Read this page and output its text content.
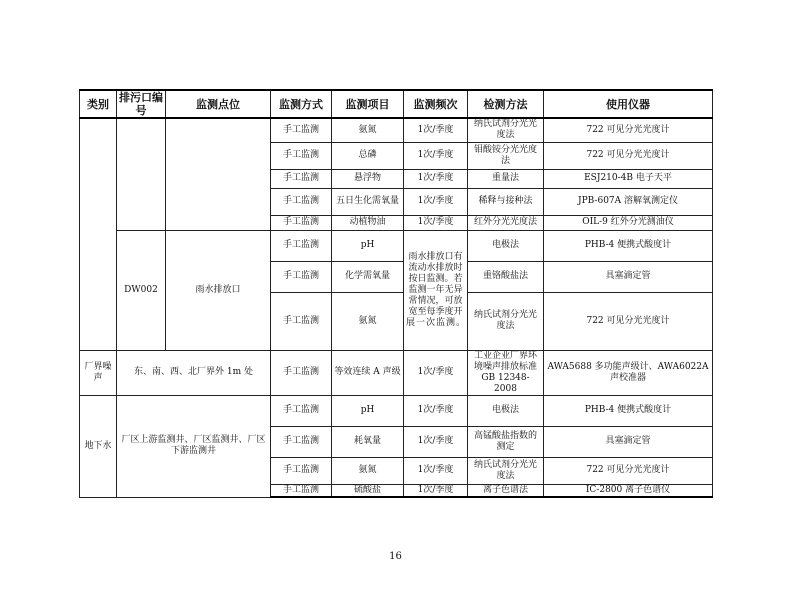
类别	排污口编号	监测点位	监测方式	监测项目	监测频次	检测方法	使用仪器
			手工监测	氨氮	1次/季度	纳氏试剂分光光度法	722 可见分光光度计
			手工监测	总磷	1次/季度	钼酸铵分光光度法	722 可见分光光度计
			手工监测	悬浮物	1次/季度	重量法	ESJ210-4B 电子天平
			手工监测	五日生化需氧量	1次/季度	稀释与接种法	JPB-607A 溶解氧测定仪
			手工监测	动植物油	1次/季度	红外分光光度法	OIL-9 红外分光测油仪
	DW002	雨水排放口	手工监测	pH	雨水排放口有流动水排放时按日监测。若监测一年无异常情况，可放宽至每季度开展一次监测。	电极法	PHB-4 便携式酸度计
			手工监测	化学需氧量		重铬酸盐法	具塞滴定管
			手工监测	氨氮		纳氏试剂分光光度法	722 可见分光光度计
厂界噪声	东、南、西、北厂界外 1m 处		手工监测	等效连续 A 声级	1次/季度	工业企业厂界环境噪声排放标准 GB 12348-2008	AWA5688 多功能声级计、AWA6022A 声校准器
地下水	厂区上游监测井、厂区监测井、厂区下游监测井		手工监测	pH	1次/季度	电极法	PHB-4 便携式酸度计
			手工监测	耗氧量	1次/季度	高锰酸盐指数的测定	具塞滴定管
			手工监测	氨氮	1次/季度	纳氏试剂分光光度法	722 可见分光光度计
			手工监测	硫酸盐	1次/季度	离子色谱法	IC-2800 离子色谱仪
16
